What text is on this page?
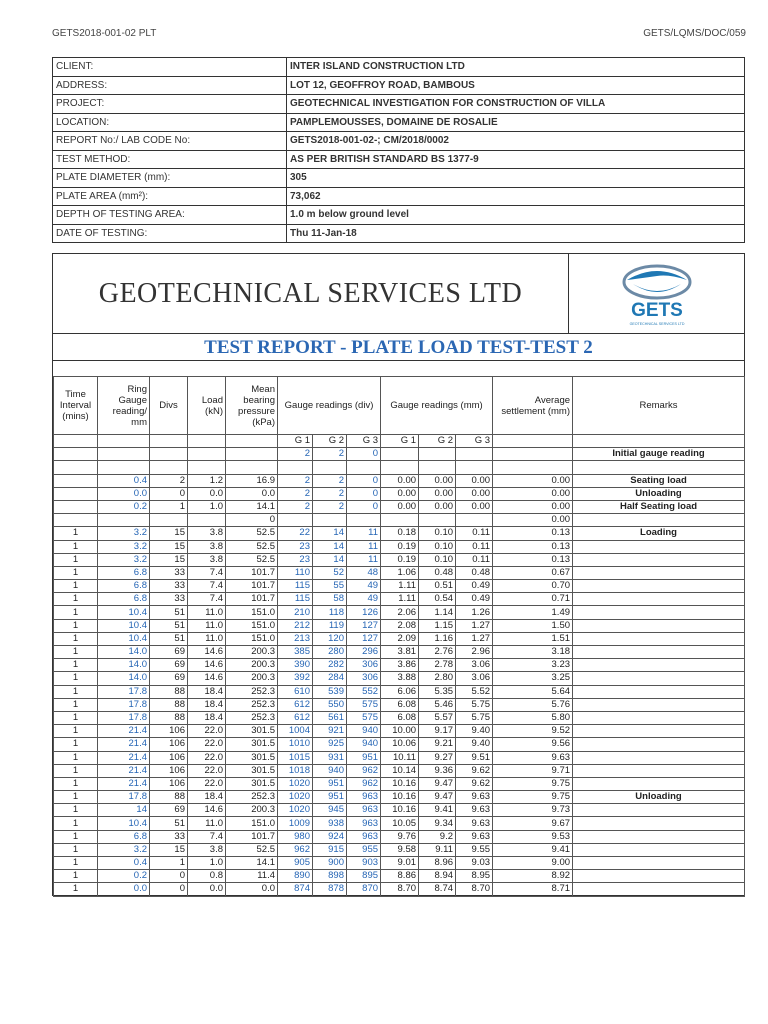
GETS2018-001-02 PLT	GETS/LQMS/DOC/059
CLIENT:	INTER ISLAND CONSTRUCTION LTD
ADDRESS:	LOT 12, GEOFFROY ROAD, BAMBOUS
PROJECT:	GEOTECHNICAL INVESTIGATION FOR CONSTRUCTION OF VILLA
LOCATION:	PAMPLEMOUSSES, DOMAINE DE ROSALIE
REPORT No:/ LAB CODE No:	GETS2018-001-02-; CM/2018/0002
TEST METHOD:	AS PER BRITISH STANDARD BS 1377-9
PLATE DIAMETER (mm):	305
PLATE AREA (mm²):	73,062
DEPTH OF TESTING AREA:	1.0 m below ground level
DATE OF TESTING:	Thu 11-Jan-18
GEOTECHNICAL SERVICES LTD
GETS
GEOTECHNICAL SERVICES LTD
TEST REPORT - PLATE LOAD TEST-TEST 2
Time Interval (mins)	Ring Gauge reading/ mm	Divs	Load (kN)	Mean bearing pressure (kPa)	Gauge readings (div)			Gauge readings (mm)			Average settlement (mm)	Remarks
					G 1	G 2	G 3	G 1	G 2	G 3		
					2	2	0					Initial gauge reading

	0.4	2	1.2	16.9	2	2	0	0.00	0.00	0.00	0.00	Seating load
	0.0	0	0.0	0.0	2	2	0	0.00	0.00	0.00	0.00	Unloading
	0.2	1	1.0	14.1	2	2	0	0.00	0.00	0.00	0.00	Half Seating load
				0							0.00	
1	3.2	15	3.8	52.5	22	14	11	0.18	0.10	0.11	0.13	Loading
1	3.2	15	3.8	52.5	23	14	11	0.19	0.10	0.11	0.13	
1	3.2	15	3.8	52.5	23	14	11	0.19	0.10	0.11	0.13	
1	6.8	33	7.4	101.7	110	52	48	1.06	0.48	0.48	0.67	
1	6.8	33	7.4	101.7	115	55	49	1.11	0.51	0.49	0.70	
1	6.8	33	7.4	101.7	115	58	49	1.11	0.54	0.49	0.71	
1	10.4	51	11.0	151.0	210	118	126	2.06	1.14	1.26	1.49	
1	10.4	51	11.0	151.0	212	119	127	2.08	1.15	1.27	1.50	
1	10.4	51	11.0	151.0	213	120	127	2.09	1.16	1.27	1.51	
1	14.0	69	14.6	200.3	385	280	296	3.81	2.76	2.96	3.18	
1	14.0	69	14.6	200.3	390	282	306	3.86	2.78	3.06	3.23	
1	14.0	69	14.6	200.3	392	284	306	3.88	2.80	3.06	3.25	
1	17.8	88	18.4	252.3	610	539	552	6.06	5.35	5.52	5.64	
1	17.8	88	18.4	252.3	612	550	575	6.08	5.46	5.75	5.76	
1	17.8	88	18.4	252.3	612	561	575	6.08	5.57	5.75	5.80	
1	21.4	106	22.0	301.5	1004	921	940	10.00	9.17	9.40	9.52	
1	21.4	106	22.0	301.5	1010	925	940	10.06	9.21	9.40	9.56	
1	21.4	106	22.0	301.5	1015	931	951	10.11	9.27	9.51	9.63	
1	21.4	106	22.0	301.5	1018	940	962	10.14	9.36	9.62	9.71	
1	21.4	106	22.0	301.5	1020	951	962	10.16	9.47	9.62	9.75	
1	17.8	88	18.4	252.3	1020	951	963	10.16	9.47	9.63	9.75	Unloading
1	14	69	14.6	200.3	1020	945	963	10.16	9.41	9.63	9.73	
1	10.4	51	11.0	151.0	1009	938	963	10.05	9.34	9.63	9.67	
1	6.8	33	7.4	101.7	980	924	963	9.76	9.2	9.63	9.53	
1	3.2	15	3.8	52.5	962	915	955	9.58	9.11	9.55	9.41	
1	0.4	1	1.0	14.1	905	900	903	9.01	8.96	9.03	9.00	
1	0.2	0	0.8	11.4	890	898	895	8.86	8.94	8.95	8.92	
1	0.0	0	0.0	0.0	874	878	870	8.70	8.74	8.70	8.71	
